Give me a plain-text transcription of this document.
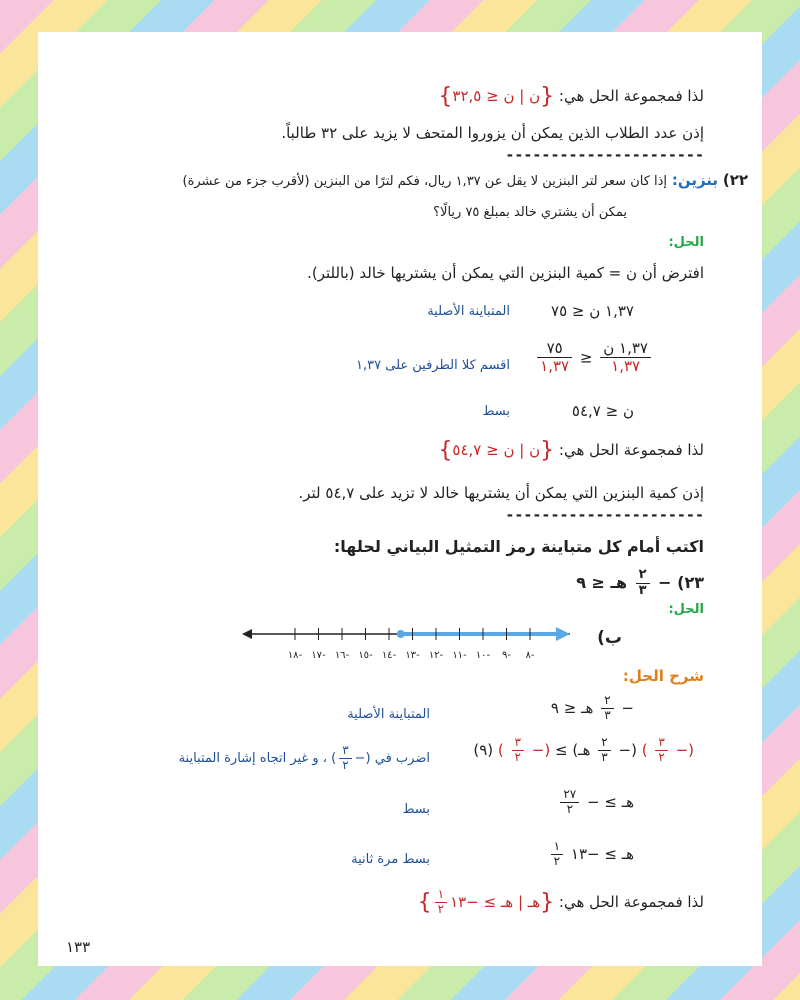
لذا فمجموعة الحل هي: {ن | ن ≤ ٣٢,٥}
إذن عدد الطلاب الذين يمكن أن يزوروا المتحف لا يزيد على ٣٢ طالباً.
----------------------
٢٢) بنزين: إذا كان سعر لتر البنزين لا يقل عن ١,٣٧ ريال، فكم لترًا من البنزين (لأقرب جزء من عشرة)
يمكن أن يشتري خالد بمبلغ ٧٥ ريالًا؟
الحل:
افترض أن ن = كمية البنزين التي يمكن أن يشتريها خالد (باللتر).
١,٣٧ ن ≤ ٧٥
المتباينة الأصلية
$\frac{\text{١,٣٧ ن}}{١,٣٧}$
≤
$\frac{٧٥}{١,٣٧}$
اقسم كلا الطرفين على ١,٣٧
ن ≤ ٥٤,٧
بسط
لذا فمجموعة الحل هي: {ن | ن ≤ ٥٤,٧}
إذن كمية البنزين التي يمكن أن يشتريها خالد لا تزيد على ٥٤,٧ لتر.
----------------------
اكتب أمام كل متباينة رمز التمثيل البياني لحلها:
٢٣) −
$\frac{٢}{٣}$
هـ ≤ ٩
الحل:
-٨
-٩
-١٠
-١١
-١٢
-١٣
-١٤
-١٥
-١٦
-١٧
-١٨
ب)
شرح الحل:
−
$\frac{٢}{٣}$
هـ ≤ ٩
المتباينة الأصلية
(−
$\frac{٣}{٢}$
) (−
$\frac{٢}{٣}$
هـ) ≥ (−
$\frac{٣}{٢}$
) (٩)
اضرب في (−
$\frac{٣}{٢}$
) ، و غير اتجاه إشارة المتباينة
هـ ≥ −
$\frac{٢٧}{٢}$
بسط
هـ ≥ −١٣
$\frac{١}{٢}$
بسط مرة ثانية
لذا فمجموعة الحل هي: {هـ | هـ ≥ −١٣
$\frac{١}{٢}$
}
١٣٣
